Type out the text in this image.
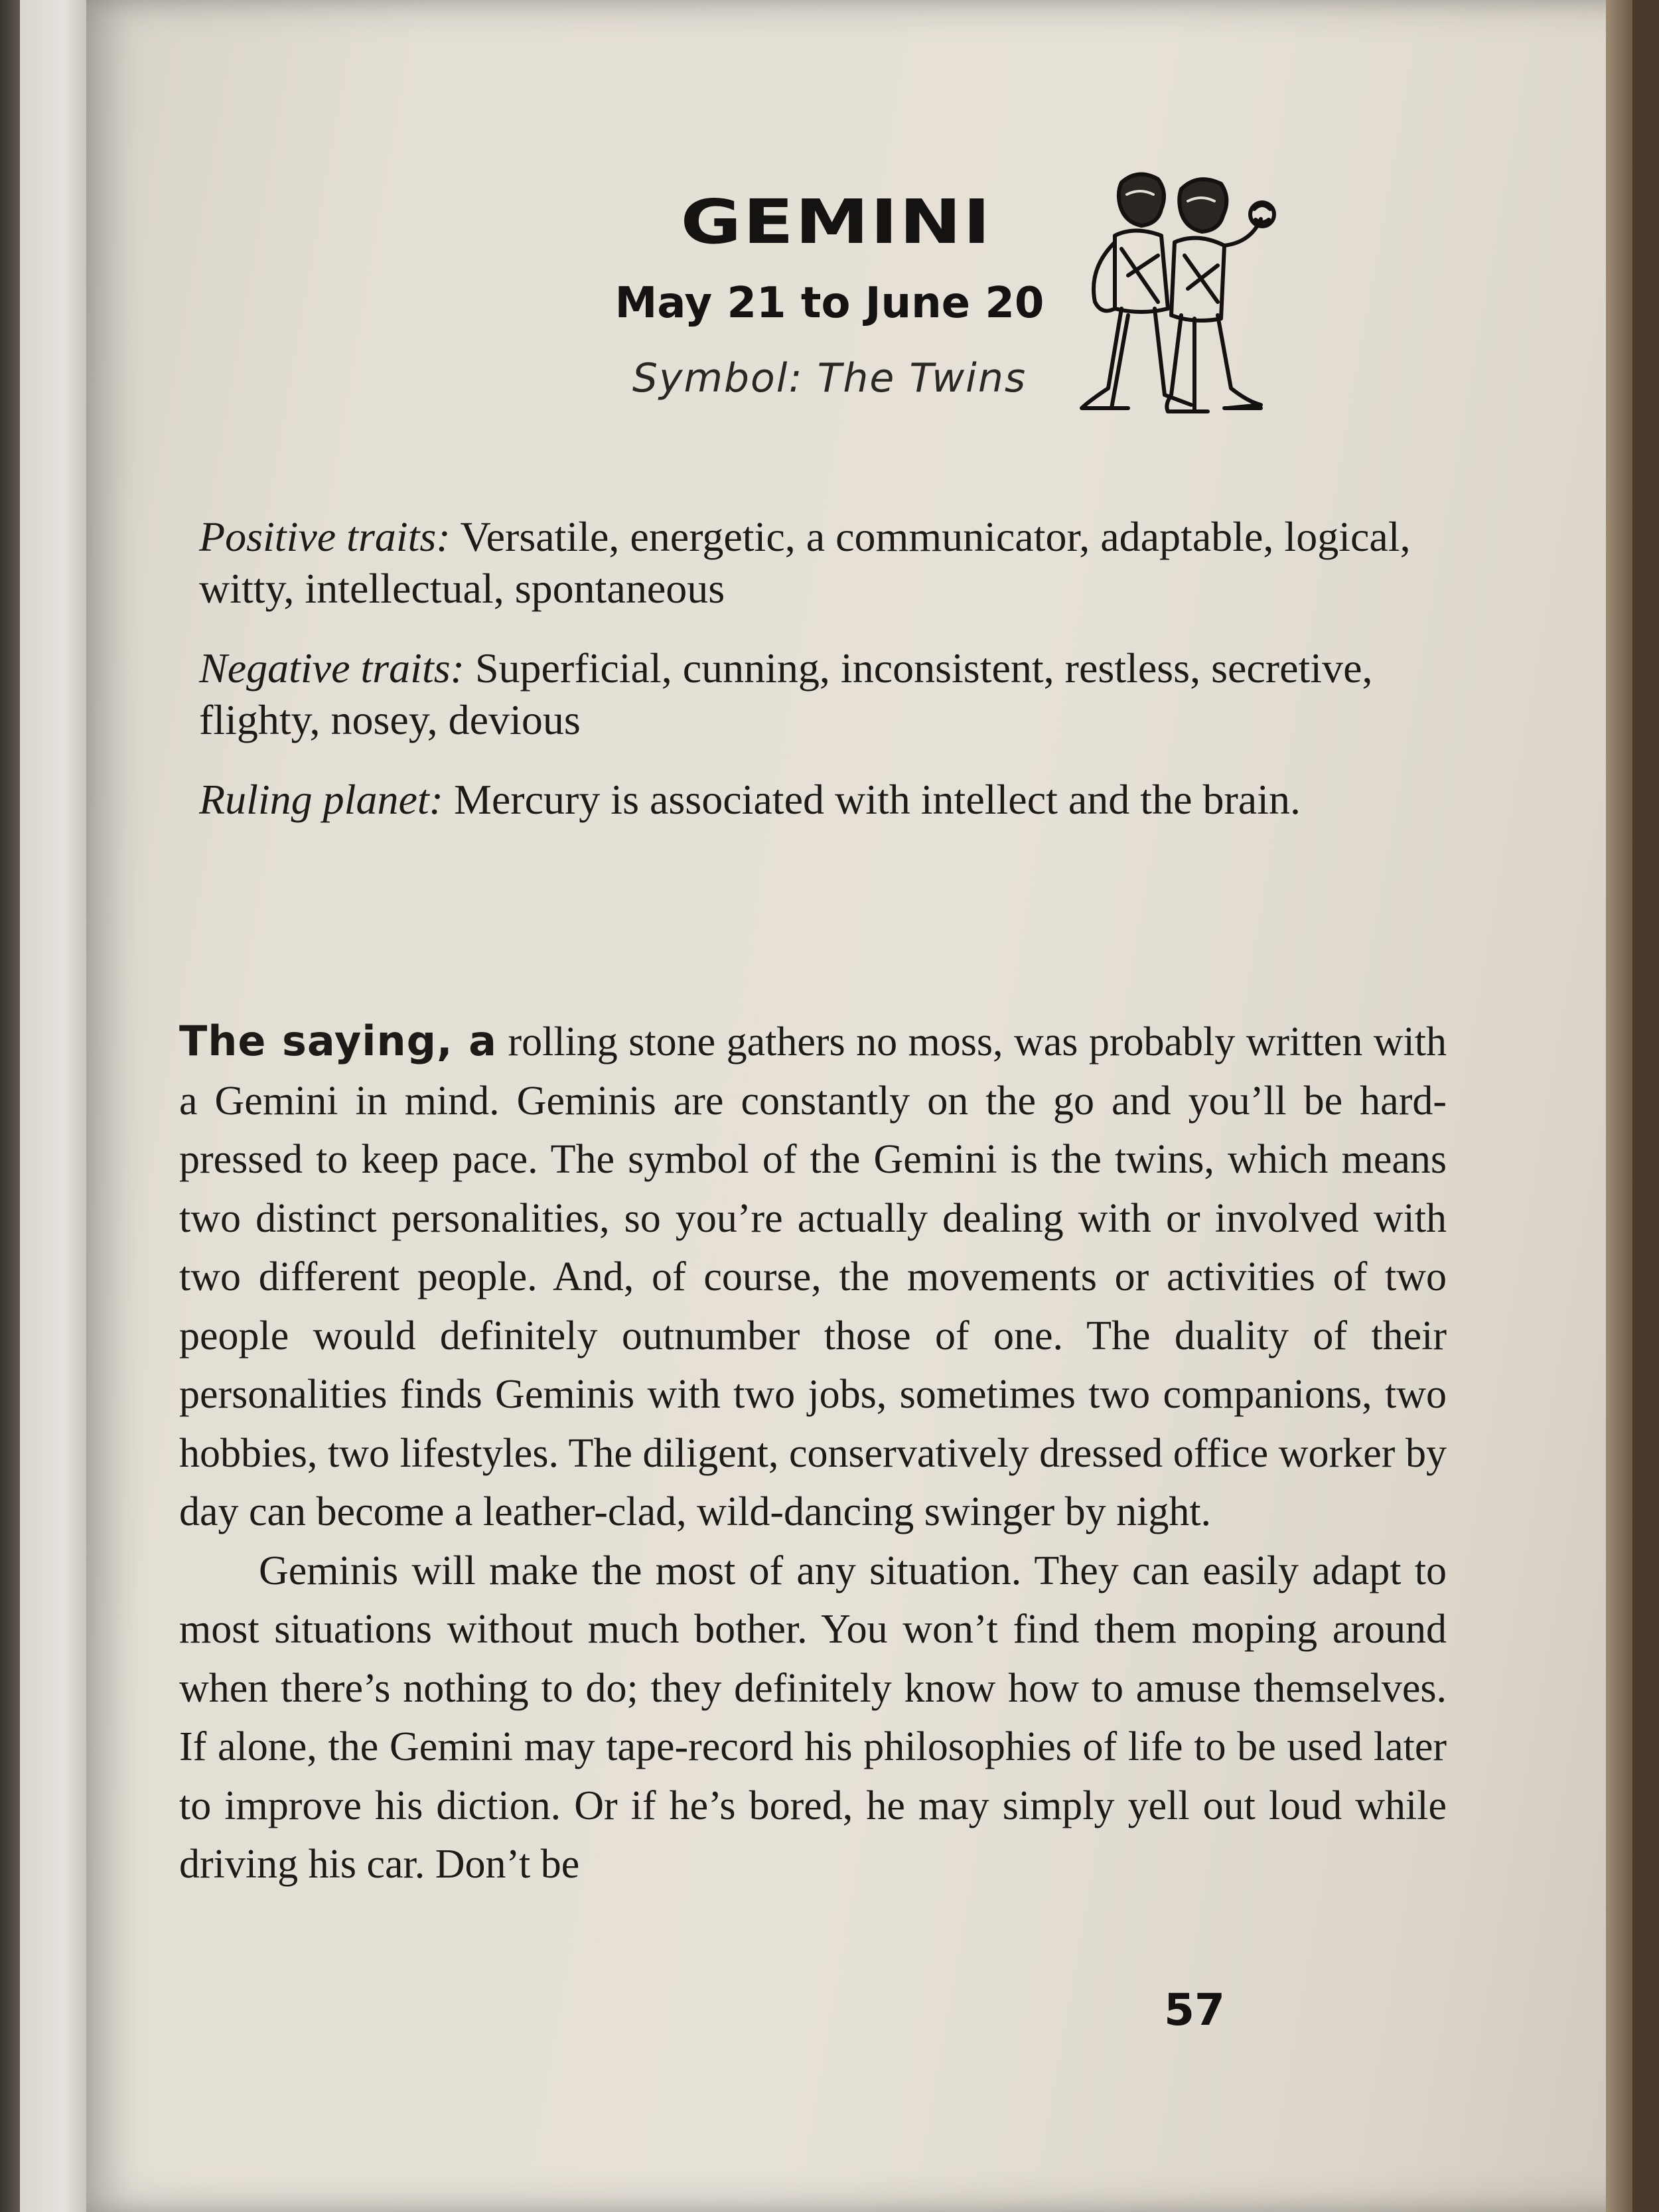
GEMINI
May 21 to June 20
Symbol: The Twins

Positive traits: Versatile, energetic, a communicator, adaptable, logical, witty, intellectual, spontaneous

Negative traits: Superficial, cunning, inconsistent, restless, secretive, flighty, nosey, devious

Ruling planet: Mercury is associated with intellect and the brain.

The saying, a rolling stone gathers no moss, was probably written with a Gemini in mind. Geminis are constantly on the go and you’ll be hard-pressed to keep pace. The symbol of the Gemini is the twins, which means two distinct personalities, so you’re actually dealing with or involved with two different people. And, of course, the movements or activities of two people would definitely outnumber those of one. The duality of their personalities finds Geminis with two jobs, sometimes two companions, two hobbies, two lifestyles. The diligent, conservatively dressed office worker by day can become a leather-clad, wild-dancing swinger by night.

Geminis will make the most of any situation. They can easily adapt to most situations without much bother. You won’t find them moping around when there’s nothing to do; they definitely know how to amuse themselves. If alone, the Gemini may tape-record his philosophies of life to be used later to improve his diction. Or if he’s bored, he may simply yell out loud while driving his car. Don’t be

57
